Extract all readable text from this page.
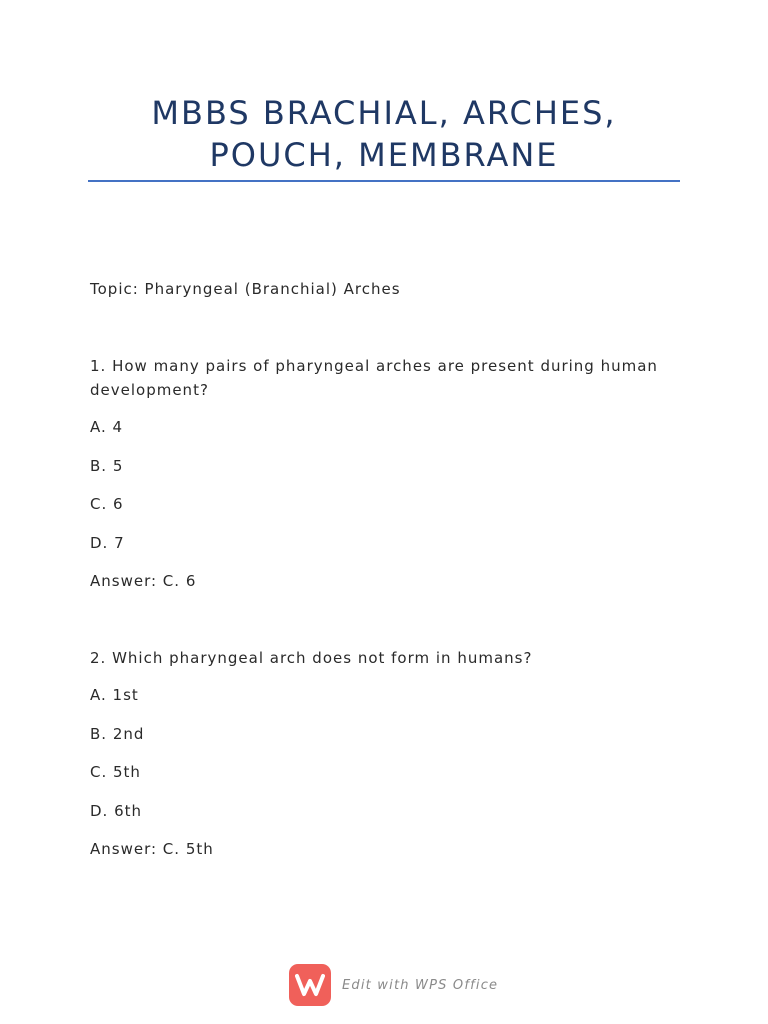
MBBS BRACHIAL, ARCHES, POUCH, MEMBRANE

Topic: Pharyngeal (Branchial) Arches

1. How many pairs of pharyngeal arches are present during human development?

A. 4

B. 5

C. 6

D. 7

Answer: C. 6

2. Which pharyngeal arch does not form in humans?

A. 1st

B. 2nd

C. 5th

D. 6th

Answer: C. 5th

Edit with WPS Office
